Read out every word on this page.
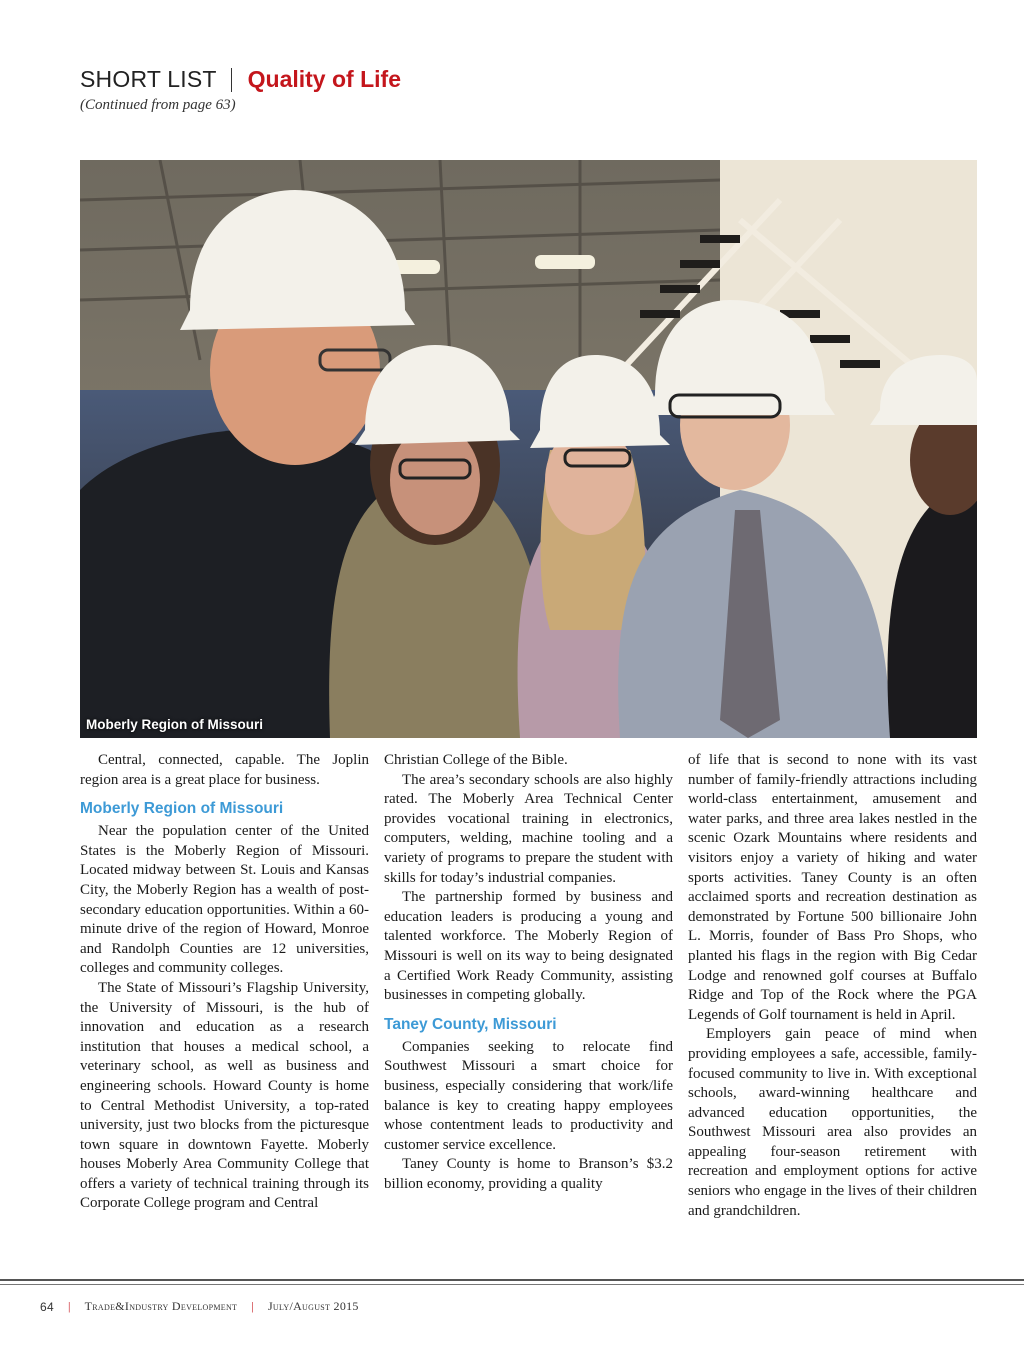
SHORT LIST Quality of Life
(Continued from page 63)
Moberly Region of Missouri

Central, connected, capable. The Joplin region area is a great place for business.

Moberly Region of Missouri

Near the population center of the United States is the Moberly Region of Missouri. Located midway between St. Louis and Kansas City, the Moberly Region has a wealth of post-secondary education opportunities. Within a 60-minute drive of the region of Howard, Monroe and Randolph Counties are 12 universities, colleges and community colleges.

The State of Missouri’s Flagship University, the University of Missouri, is the hub of innovation and education as a research institution that houses a medical school, a veterinary school, as well as business and engineering schools. Howard County is home to Central Methodist University, a top-rated university, just two blocks from the picturesque town square in downtown Fayette. Moberly houses Moberly Area Community College that offers a variety of technical training through its Corporate College program and Central

Christian College of the Bible.

The area’s secondary schools are also highly rated. The Moberly Area Technical Center provides vocational training in electronics, computers, welding, machine tooling and a variety of programs to prepare the student with skills for today’s industrial companies.

The partnership formed by business and education leaders is producing a young and talented workforce. The Moberly Region of Missouri is well on its way to being designated a Certified Work Ready Community, assisting businesses in competing globally.

Taney County, Missouri

Companies seeking to relocate find Southwest Missouri a smart choice for business, especially considering that work/life balance is key to creating happy employees whose contentment leads to productivity and customer service excellence.

Taney County is home to Branson’s $3.2 billion economy, providing a quality

of life that is second to none with its vast number of family-friendly attractions including world-class entertainment, amusement and water parks, and three area lakes nestled in the scenic Ozark Mountains where residents and visitors enjoy a variety of hiking and water sports activities. Taney County is an often acclaimed sports and recreation destination as demonstrated by Fortune 500 billionaire John L. Morris, founder of Bass Pro Shops, who planted his flags in the region with Big Cedar Lodge and renowned golf courses at Buffalo Ridge and Top of the Rock where the PGA Legends of Golf tournament is held in April.

Employers gain peace of mind when providing employees a safe, accessible, family-focused community to live in. With exceptional schools, award-winning healthcare and advanced education opportunities, the Southwest Missouri area also provides an appealing four-season retirement with recreation and employment options for active seniors who engage in the lives of their children and grandchildren.

64 | Trade&Industry Development | July/August 2015
